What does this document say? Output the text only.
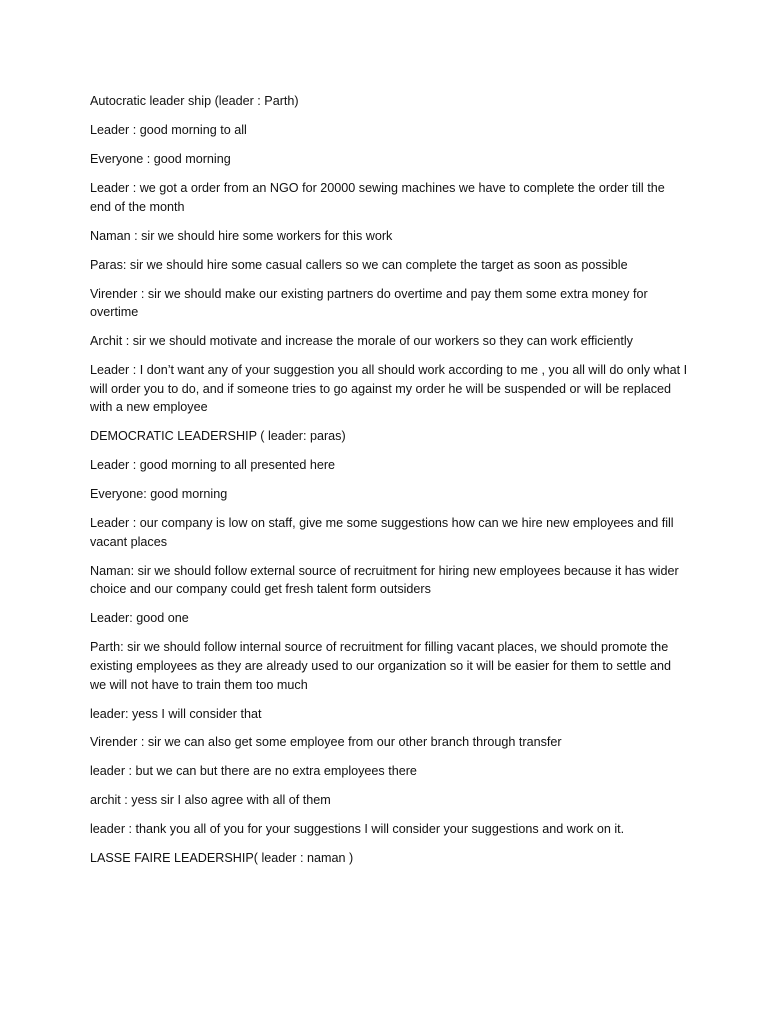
Autocratic leader ship (leader : Parth)

Leader : good morning to all

Everyone : good morning

Leader : we got a order from an NGO for 20000 sewing machines we have to complete the order till the end of the month

Naman : sir we should hire some workers for this work

Paras: sir we should hire some casual callers so we can complete the target as soon as possible

Virender : sir we should make our existing partners do overtime and pay them some extra money for overtime

Archit : sir we should motivate and increase the morale of our workers so they can work efficiently

Leader : I don’t want any of your suggestion you all should work according to me , you all will do only what I will order you to do, and if someone tries to go against my order he will be suspended or will be replaced with a new employee

DEMOCRATIC LEADERSHIP ( leader: paras)

Leader : good morning to all presented here

Everyone: good morning

Leader : our company is low on staff, give me some suggestions how can we hire new employees and fill vacant places

Naman: sir we should follow external source of recruitment for hiring new employees because it has wider choice and our company could get fresh talent form outsiders

Leader: good one

Parth: sir we should follow internal source of recruitment for filling vacant places, we should promote the existing employees as they are already used to our organization so it will be easier for them to settle and we will not have to train them too much

leader: yess I will consider that

Virender : sir we can also get some employee from our other branch through transfer

leader : but we can but there are no extra employees there

archit : yess sir I also agree with all of them

leader : thank you all of you for your suggestions I will consider your suggestions and work on it.

LASSE FAIRE LEADERSHIP( leader : naman )
